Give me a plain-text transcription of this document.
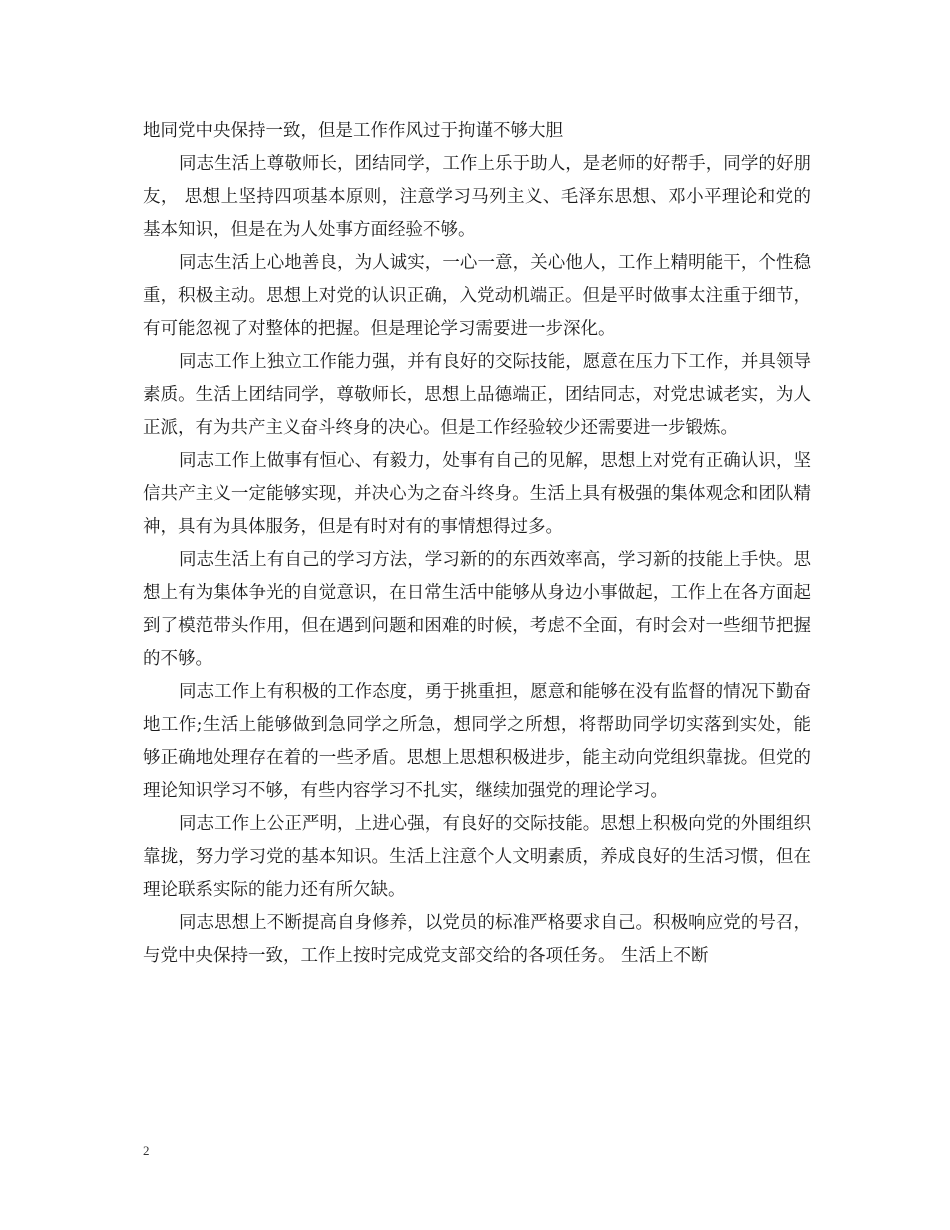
地同党中央保持一致，但是工作作风过于拘谨不够大胆

同志生活上尊敬师长，团结同学，工作上乐于助人，是老师的好帮手，同学的好朋友， 思想上坚持四项基本原则，注意学习马列主义、毛泽东思想、邓小平理论和党的基本知识，但是在为人处事方面经验不够。

同志生活上心地善良，为人诚实，一心一意，关心他人，工作上精明能干，个性稳重，积极主动。思想上对党的认识正确，入党动机端正。但是平时做事太注重于细节，有可能忽视了对整体的把握。但是理论学习需要进一步深化。

同志工作上独立工作能力强，并有良好的交际技能，愿意在压力下工作，并具领导素质。生活上团结同学，尊敬师长，思想上品德端正，团结同志，对党忠诚老实，为人正派，有为共产主义奋斗终身的决心。但是工作经验较少还需要进一步锻炼。

同志工作上做事有恒心、有毅力，处事有自己的见解，思想上对党有正确认识，坚信共产主义一定能够实现，并决心为之奋斗终身。生活上具有极强的集体观念和团队精神，具有为具体服务，但是有时对有的事情想得过多。

同志生活上有自己的学习方法，学习新的的东西效率高，学习新的技能上手快。思想上有为集体争光的自觉意识，在日常生活中能够从身边小事做起，工作上在各方面起到了模范带头作用，但在遇到问题和困难的时候，考虑不全面，有时会对一些细节把握的不够。

同志工作上有积极的工作态度，勇于挑重担，愿意和能够在没有监督的情况下勤奋地工作;生活上能够做到急同学之所急，想同学之所想，将帮助同学切实落到实处，能够正确地处理存在着的一些矛盾。思想上思想积极进步，能主动向党组织靠拢。但党的理论知识学习不够，有些内容学习不扎实，继续加强党的理论学习。

同志工作上公正严明，上进心强，有良好的交际技能。思想上积极向党的外围组织靠拢，努力学习党的基本知识。生活上注意个人文明素质，养成良好的生活习惯，但在理论联系实际的能力还有所欠缺。

同志思想上不断提高自身修养，以党员的标准严格要求自己。积极响应党的号召，与党中央保持一致，工作上按时完成党支部交给的各项任务。 生活上不断

2
